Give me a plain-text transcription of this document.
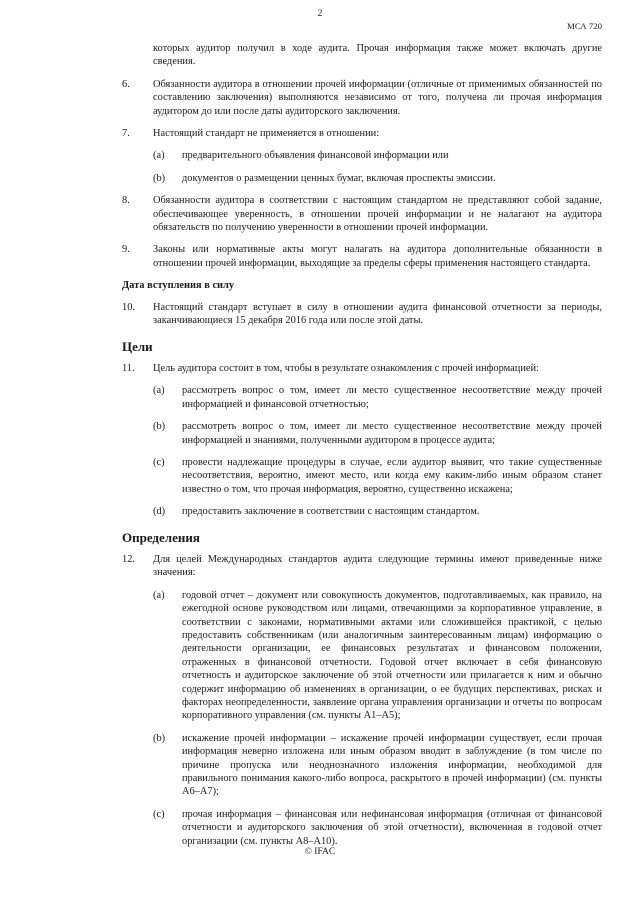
2
МСА 720

которых аудитор получил в ходе аудита. Прочая информация также может включать другие сведения.

6. Обязанности аудитора в отношении прочей информации (отличные от применимых обязанностей по составлению заключения) выполняются независимо от того, получена ли прочая информация аудитором до или после даты аудиторского заключения.
7. Настоящий стандарт не применяется в отношении:
(a) предварительного объявления финансовой информации или
(b) документов о размещении ценных бумаг, включая проспекты эмиссии.
8. Обязанности аудитора в соответствии с настоящим стандартом не представляют собой задание, обеспечивающее уверенность, в отношении прочей информации и не налагают на аудитора обязательств по получению уверенности в отношении прочей информации.
9. Законы или нормативные акты могут налагать на аудитора дополнительные обязанности в отношении прочей информации, выходящие за пределы сферы применения настоящего стандарта.

Дата вступления в силу

10. Настоящий стандарт вступает в силу в отношении аудита финансовой отчетности за периоды, заканчивающиеся 15 декабря 2016 года или после этой даты.

Цели

11. Цель аудитора состоит в том, чтобы в результате ознакомления с прочей информацией:
(a) рассмотреть вопрос о том, имеет ли место существенное несоответствие между прочей информацией и финансовой отчетностью;
(b) рассмотреть вопрос о том, имеет ли место существенное несоответствие между прочей информацией и знаниями, полученными аудитором в процессе аудита;
(c) провести надлежащие процедуры в случае, если аудитор выявит, что такие существенные несоответствия, вероятно, имеют место, или когда ему каким-либо иным образом станет известно о том, что прочая информация, вероятно, существенно искажена;
(d) предоставить заключение в соответствии с настоящим стандартом.

Определения

12. Для целей Международных стандартов аудита следующие термины имеют приведенные ниже значения:
(a) годовой отчет – документ или совокупность документов, подготавливаемых, как правило, на ежегодной основе руководством или лицами, отвечающими за корпоративное управление, в соответствии с законами, нормативными актами или сложившейся практикой, с целью предоставить собственникам (или аналогичным заинтересованным лицам) информацию о деятельности организации, ее финансовых результатах и финансовом положении, отраженных в финансовой отчетности. Годовой отчет включает в себя финансовую отчетность и аудиторское заключение об этой отчетности или прилагается к ним и обычно содержит информацию об изменениях в организации, о ее будущих перспективах, рисках и факторах неопределенности, заявление органа управления организации и отчеты по вопросам корпоративного управления (см. пункты A1–A5);
(b) искажение прочей информации – искажение прочей информации существует, если прочая информация неверно изложена или иным образом вводит в заблуждение (в том числе по причине пропуска или неоднозначного изложения информации, необходимой для правильного понимания какого-либо вопроса, раскрытого в прочей информации) (см. пункты A6–A7);
(c) прочая информация – финансовая или нефинансовая информация (отличная от финансовой отчетности и аудиторского заключения об этой отчетности), включенная в годовой отчет организации (см. пункты A8–A10).
© IFAC
